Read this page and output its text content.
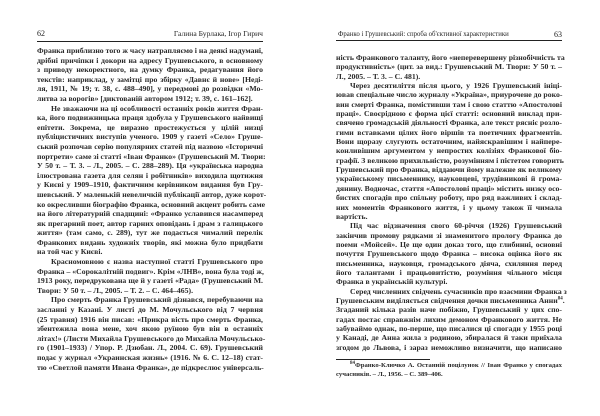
62	Галина Бурлака, Ігор Гирич
Франка приблизно того ж часу натрапляємо і на деякі надумані,
дрібні причіпки і докори на адресу Грушевського, в основному
з приводу некоректного, на думку Франка, редагування його
текстів: наприклад, у замітці про збірку «Давнє й нове» [Неді-
ля, 1911, № 19; т. 38, с. 488–490], у передмові до розвідки «Мо-
литва за ворогів» [диктованій автором 1912; т. 39, с. 161–162].
Не зважаючи на ці особливості останніх років життя Фран-
ка, його подвижницька праця здобула у Грушевського найвищі
епітети. Зокрема, це виразно простежується у цілій низці
публіцистичних виступів ученого. 1909 у газеті «Село» Груше-
ський розпочав серію популярних статей під назвою «Історичні
портрети» саме зі статті «Іван Франко» (Грушевський М. Твори:
У 50 т. – Т. 3. – Л., 2005. – С. 288–289). Ця «українська народна
ілюстрована газета для селян і робітників» виходила щотижня
у Києві у 1909–1910, фактичним керівником видання був Гру-
шевський. У маленькій невеличкій публікації автор, дуже корот-
ко окресливши біографію Франка, основний акцент робить саме
на його літературній спадщині: «Франко уславився насамперед
як прегарний поет, автор гарних оповідань і драм з галицького
життя» (там само, с. 289), тут же подається чималий перелік
Франкових видань художніх творів, які можна було придбати
на той час у Києві.
Красномовною є назва наступної статті Грушевського про
Франка – «Сорокалітній подвиг». Крім «ЛНВ», вона була тоді ж,
1913 року, передрукована ще й у газеті «Рада» (Грушевський М.
Твори: У 50 т. – Л., 2005. – Т. 2. – С. 464–465).
Про смерть Франка Грушевський дізнався, перебуваючи на
засланні у Казані. У листі до М. Мочульського від 7 червня
(25 травня) 1916 він писав: «Прикра вість про смерть Франка,
збентежила вона мене, хоч якою руїною був він в останніх
літах!» (Листи Михайла Грушевського до Михайла Мочульсько-
го (1901–1933) / Упор. Р. Дзюбан. Л., 2004. С. 69). Грушевський
подає у журнал «Украинская жизнь» (1916. № 6. С. 12–18) стат-
тю «Светлой памяти Ивана Франка», де підкреслює універсаль-
Франко і Грушевський: спроба об'єктивної характеристики	63
ність Франкового таланту, його «неперевершену різнобічність та
продуктивність» (цит. за вид.: Грушевський М. Твори: У 50 т. –
Л., 2005. – Т. 3. – С. 481).
Через десятиліття після цього, у 1926 Грушевський ініці-
ював спеціальне число журналу «Україна», приурочене до роко-
вин смерті Франка, помістивши там і свою статтю «Апостолові
праці». Своєрідною є форма цієї статті: основний виклад при-
свячено громадській діяльності Франка, але текст рясніє розло-
гими вставками цілих його віршів та поетичних фрагментів.
Вони щоразу слугують остаточним, найяскравішим і найпере-
конливішим аргументом у непростих колізіях Франкової біо-
графії. З великою прихильністю, розумінням і пієтетом говорить
Грушевський про Франка, віддаючи йому належне як великому
українському письменнику, науковцеві, трудівникові й грома-
дянину. Водночас, стаття «Апостолові праці» містить низку осо-
бистих спогадів про спільну роботу, про ряд важливих і склад-
них моментів Франкового життя, і у цьому також її чимала
вартість.
Під час відзначення свого 60-річчя (1926) Грушевський
закінчив промову рядками зі знаменитого прологу Франка до
поеми «Мойсей». Це ще один доказ того, що глибинні, основні
почуття Грушевського щодо Франка – висока оцінка його як
письменника, науковця, громадського діяча, схиляння перед
його талантами і працьовитістю, розуміння чільного місця
Франка в українській культурі.
Серед численних свідчень сучасників про взаємини Франка з
Грушевським виділяється свідчення дочки письменника Анни$^{84}$.
Згаданий кілька разів наче побіжно, Грушевський у цих спо-
гадах постає справжнім лихим демоном Франкового життя. Не
забуваймо однак, по-перше, що писалися ці спогади у 1955 році
у Канаді, де Анна жила з родиною, збиралася й таки приїхала
згодом до Львова, і зараз неможливо визначити, що написано
$^{84}$Франко-Ключко А. Останній поцілунок // Іван Франко у спогадах
сучасників. – Л., 1956. – С. 389–406.
